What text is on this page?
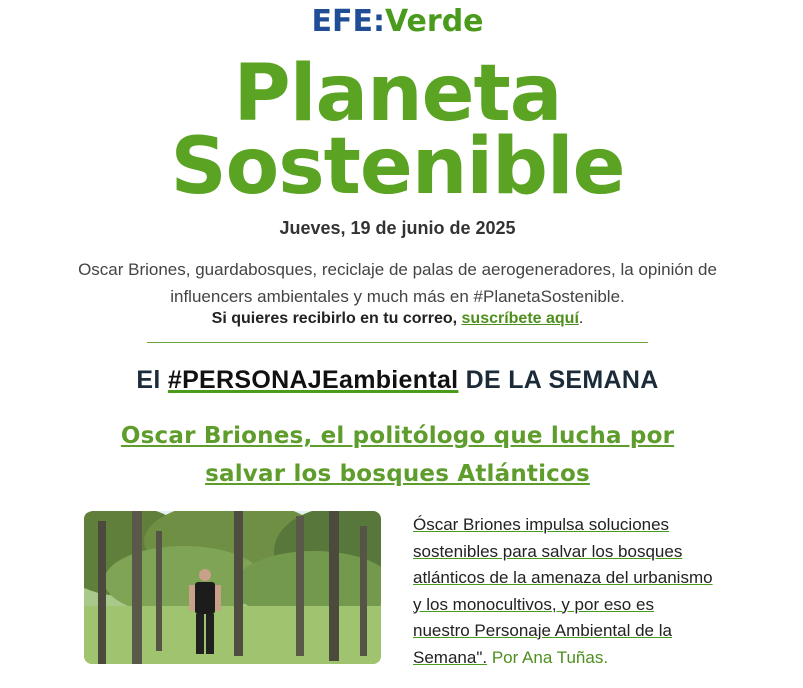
EFE:Verde
Planeta
Sostenible
Jueves, 19 de junio de 2025
Oscar Briones, guardabosques, reciclaje de palas de aerogeneradores, la opinión de influencers ambientales y much más en #PlanetaSostenible.
Si quieres recibirlo en tu correo, suscríbete aquí.
El #PERSONAJEambiental DE LA SEMANA
Oscar Briones, el politólogo que lucha por salvar los bosques Atlánticos
Óscar Briones impulsa soluciones sostenibles para salvar los bosques atlánticos de la amenaza del urbanismo y los monocultivos, y por eso es nuestro Personaje Ambiental de la Semana". Por Ana Tuñas.
